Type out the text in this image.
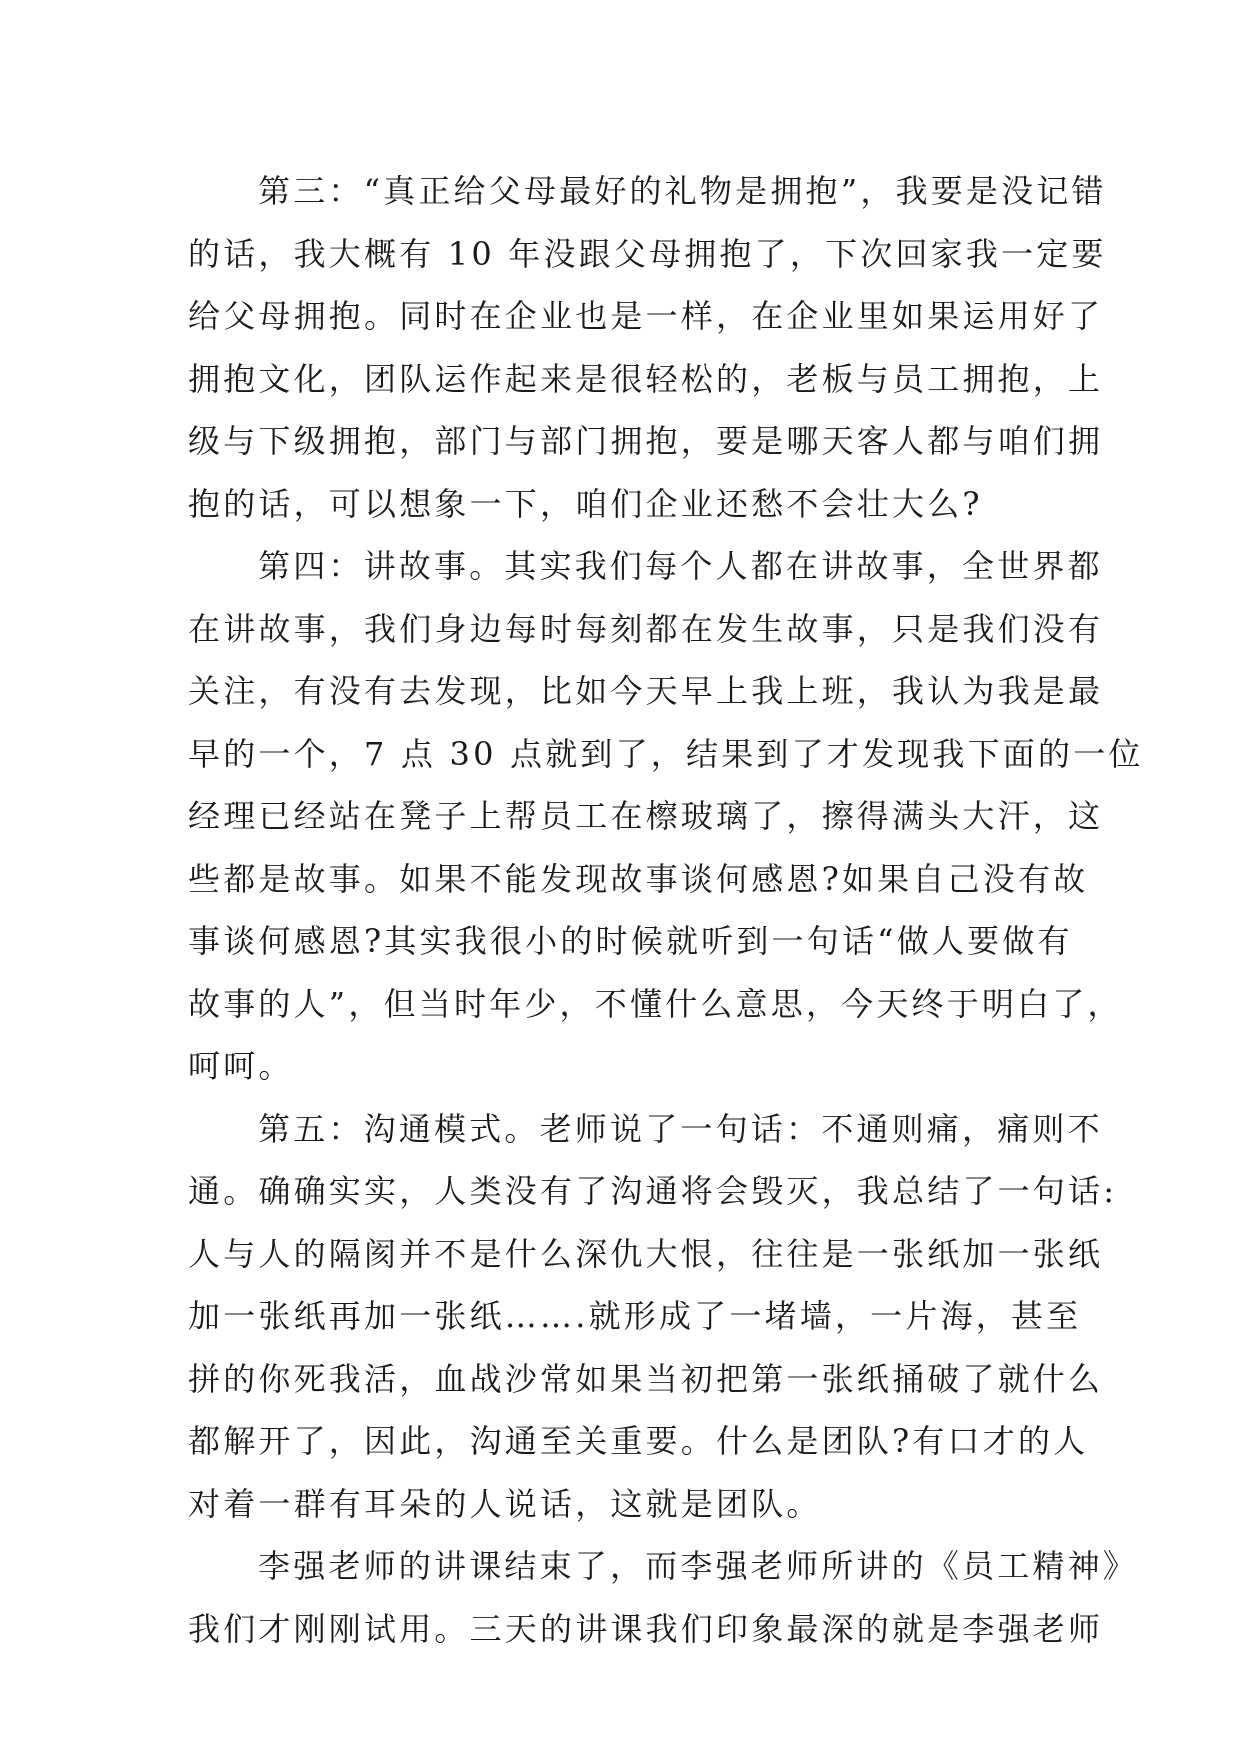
第三：“真正给父母最好的礼物是拥抱”，我要是没记错
的话，我大概有 10 年没跟父母拥抱了，下次回家我一定要
给父母拥抱。同时在企业也是一样，在企业里如果运用好了
拥抱文化，团队运作起来是很轻松的，老板与员工拥抱，上
级与下级拥抱，部门与部门拥抱，要是哪天客人都与咱们拥
抱的话，可以想象一下，咱们企业还愁不会壮大么?
第四：讲故事。其实我们每个人都在讲故事，全世界都
在讲故事，我们身边每时每刻都在发生故事，只是我们没有
关注，有没有去发现，比如今天早上我上班，我认为我是最
早的一个，7 点 30 点就到了，结果到了才发现我下面的一位
经理已经站在凳子上帮员工在檫玻璃了，擦得满头大汗，这
些都是故事。如果不能发现故事谈何感恩?如果自己没有故
事谈何感恩?其实我很小的时候就听到一句话“做人要做有
故事的人”，但当时年少，不懂什么意思，今天终于明白了，
呵呵。
第五：沟通模式。老师说了一句话：不通则痛，痛则不
通。确确实实，人类没有了沟通将会毁灭，我总结了一句话:
人与人的隔阂并不是什么深仇大恨，往往是一张纸加一张纸
加一张纸再加一张纸…….就形成了一堵墙，一片海，甚至
拼的你死我活，血战沙常如果当初把第一张纸捅破了就什么
都解开了，因此，沟通至关重要。什么是团队?有口才的人
对着一群有耳朵的人说话，这就是团队。
李强老师的讲课结束了，而李强老师所讲的《员工精神》
我们才刚刚试用。三天的讲课我们印象最深的就是李强老师
